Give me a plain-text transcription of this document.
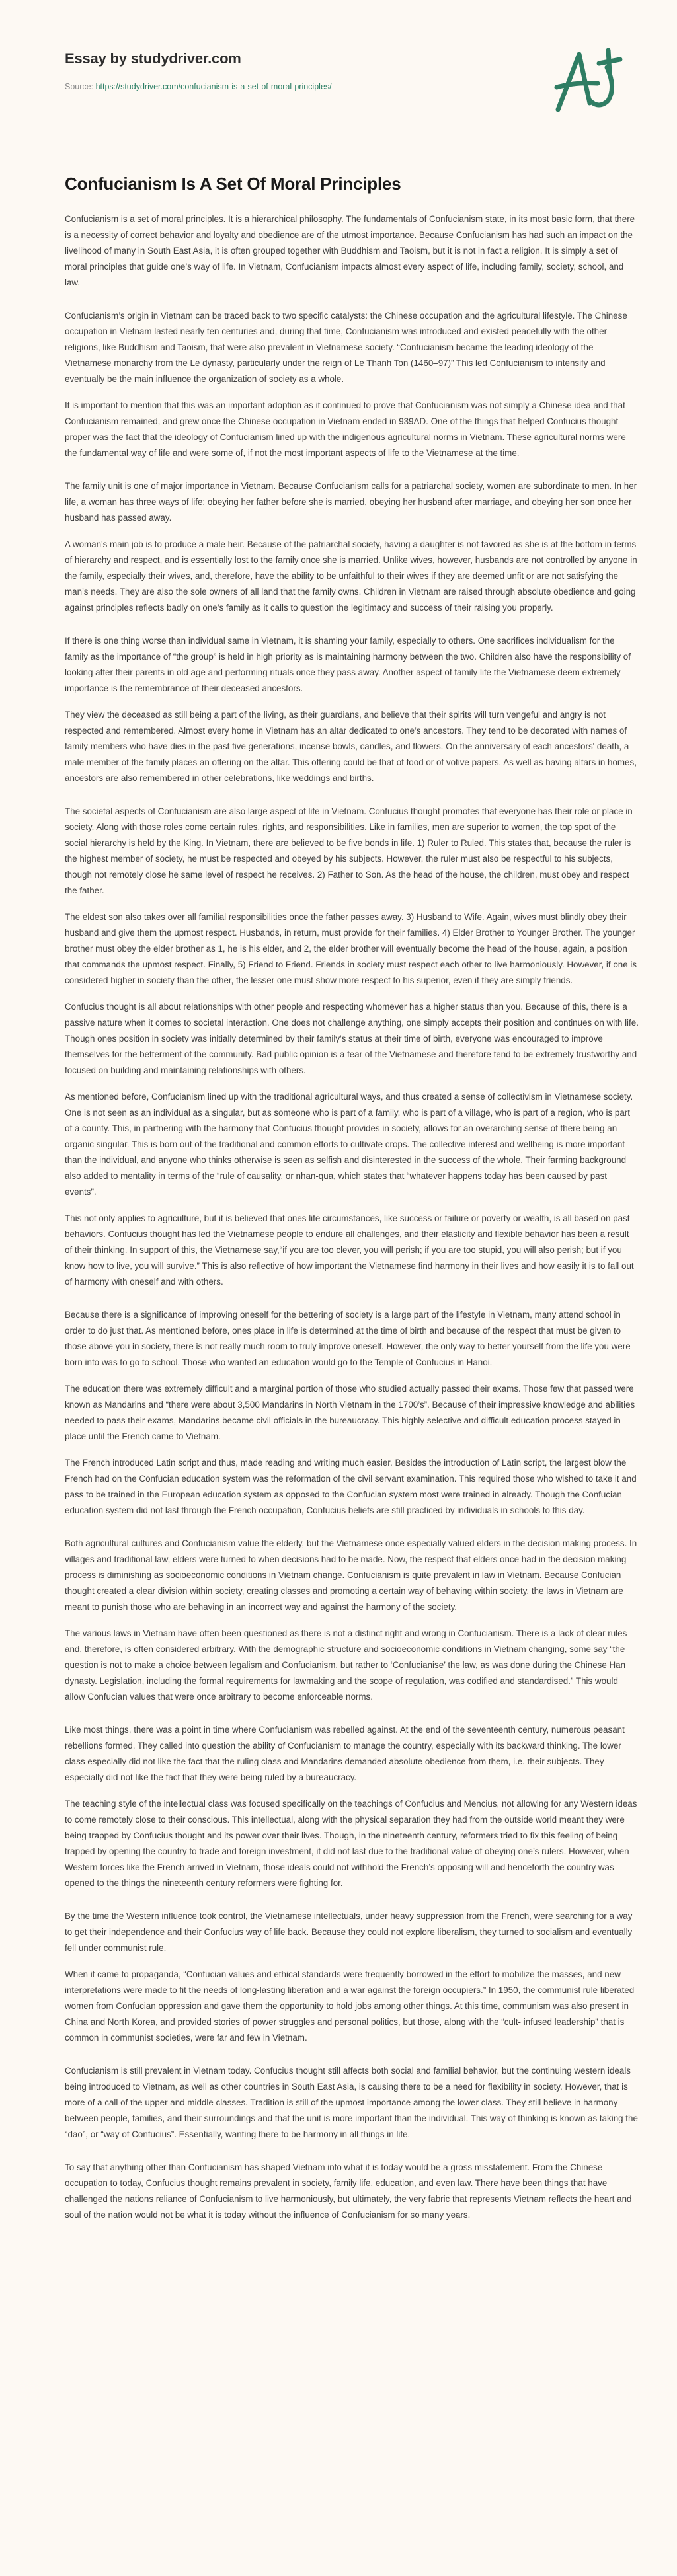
Essay by studydriver.com
Source: https://studydriver.com/confucianism-is-a-set-of-moral-principles/
Confucianism Is A Set Of Moral Principles

Confucianism is a set of moral principles. It is a hierarchical philosophy. The fundamentals of Confucianism state, in its most basic form, that there is a necessity of correct behavior and loyalty and obedience are of the utmost importance. Because Confucianism has had such an impact on the livelihood of many in South East Asia, it is often grouped together with Buddhism and Taoism, but it is not in fact a religion. It is simply a set of moral principles that guide one’s way of life. In Vietnam, Confucianism impacts almost every aspect of life, including family, society, school, and law.

Confucianism’s origin in Vietnam can be traced back to two specific catalysts: the Chinese occupation and the agricultural lifestyle. The Chinese occupation in Vietnam lasted nearly ten centuries and, during that time, Confucianism was introduced and existed peacefully with the other religions, like Buddhism and Taoism, that were also prevalent in Vietnamese society. “Confucianism became the leading ideology of the Vietnamese monarchy from the Le dynasty, particularly under the reign of Le Thanh Ton (1460–97)” This led Confucianism to intensify and eventually be the main influence the organization of society as a whole.

It is important to mention that this was an important adoption as it continued to prove that Confucianism was not simply a Chinese idea and that Confucianism remained, and grew once the Chinese occupation in Vietnam ended in 939AD. One of the things that helped Confucius thought proper was the fact that the ideology of Confucianism lined up with the indigenous agricultural norms in Vietnam. These agricultural norms were the fundamental way of life and were some of, if not the most important aspects of life to the Vietnamese at the time.

The family unit is one of major importance in Vietnam. Because Confucianism calls for a patriarchal society, women are subordinate to men. In her life, a woman has three ways of life: obeying her father before she is married, obeying her husband after marriage, and obeying her son once her husband has passed away.

A woman's main job is to produce a male heir. Because of the patriarchal society, having a daughter is not favored as she is at the bottom in terms of hierarchy and respect, and is essentially lost to the family once she is married. Unlike wives, however, husbands are not controlled by anyone in the family, especially their wives, and, therefore, have the ability to be unfaithful to their wives if they are deemed unfit or are not satisfying the man’s needs. They are also the sole owners of all land that the family owns. Children in Vietnam are raised through absolute obedience and going against principles reflects badly on one’s family as it calls to question the legitimacy and success of their raising you properly.

If there is one thing worse than individual same in Vietnam, it is shaming your family, especially to others. One sacrifices individualism for the family as the importance of “the group” is held in high priority as is maintaining harmony between the two. Children also have the responsibility of looking after their parents in old age and performing rituals once they pass away. Another aspect of family life the Vietnamese deem extremely importance is the remembrance of their deceased ancestors.

They view the deceased as still being a part of the living, as their guardians, and believe that their spirits will turn vengeful and angry is not respected and remembered. Almost every home in Vietnam has an altar dedicated to one’s ancestors. They tend to be decorated with names of family members who have dies in the past five generations, incense bowls, candles, and flowers. On the anniversary of each ancestors' death, a male member of the family places an offering on the altar. This offering could be that of food or of votive papers. As well as having altars in homes, ancestors are also remembered in other celebrations, like weddings and births.

The societal aspects of Confucianism are also large aspect of life in Vietnam. Confucius thought promotes that everyone has their role or place in society. Along with those roles come certain rules, rights, and responsibilities. Like in families, men are superior to women, the top spot of the social hierarchy is held by the King. In Vietnam, there are believed to be five bonds in life. 1) Ruler to Ruled. This states that, because the ruler is the highest member of society, he must be respected and obeyed by his subjects. However, the ruler must also be respectful to his subjects, though not remotely close he same level of respect he receives. 2) Father to Son. As the head of the house, the children, must obey and respect the father.

The eldest son also takes over all familial responsibilities once the father passes away. 3) Husband to Wife. Again, wives must blindly obey their husband and give them the upmost respect. Husbands, in return, must provide for their families. 4) Elder Brother to Younger Brother. The younger brother must obey the elder brother as 1, he is his elder, and 2, the elder brother will eventually become the head of the house, again, a position that commands the upmost respect. Finally, 5) Friend to Friend. Friends in society must respect each other to live harmoniously. However, if one is considered higher in society than the other, the lesser one must show more respect to his superior, even if they are simply friends.

Confucius thought is all about relationships with other people and respecting whomever has a higher status than you. Because of this, there is a passive nature when it comes to societal interaction. One does not challenge anything, one simply accepts their position and continues on with life. Though ones position in society was initially determined by their family's status at their time of birth, everyone was encouraged to improve themselves for the betterment of the community. Bad public opinion is a fear of the Vietnamese and therefore tend to be extremely trustworthy and focused on building and maintaining relationships with others.

As mentioned before, Confucianism lined up with the traditional agricultural ways, and thus created a sense of collectivism in Vietnamese society. One is not seen as an individual as a singular, but as someone who is part of a family, who is part of a village, who is part of a region, who is part of a county. This, in partnering with the harmony that Confucius thought provides in society, allows for an overarching sense of there being an organic singular. This is born out of the traditional and common efforts to cultivate crops. The collective interest and wellbeing is more important than the individual, and anyone who thinks otherwise is seen as selfish and disinterested in the success of the whole. Their farming background also added to mentality in terms of the “rule of causality, or nhan-qua, which states that “whatever happens today has been caused by past events”.

This not only applies to agriculture, but it is believed that ones life circumstances, like success or failure or poverty or wealth, is all based on past behaviors. Confucius thought has led the Vietnamese people to endure all challenges, and their elasticity and flexible behavior has been a result of their thinking. In support of this, the Vietnamese say,“if you are too clever, you will perish; if you are too stupid, you will also perish; but if you know how to live, you will survive.” This is also reflective of how important the Vietnamese find harmony in their lives and how easily it is to fall out of harmony with oneself and with others.

Because there is a significance of improving oneself for the bettering of society is a large part of the lifestyle in Vietnam, many attend school in order to do just that. As mentioned before, ones place in life is determined at the time of birth and because of the respect that must be given to those above you in society, there is not really much room to truly improve oneself. However, the only way to better yourself from the life you were born into was to go to school. Those who wanted an education would go to the Temple of Confucius in Hanoi.

The education there was extremely difficult and a marginal portion of those who studied actually passed their exams. Those few that passed were known as Mandarins and “there were about 3,500 Mandarins in North Vietnam in the 1700’s”. Because of their impressive knowledge and abilities needed to pass their exams, Mandarins became civil officials in the bureaucracy. This highly selective and difficult education process stayed in place until the French came to Vietnam.

The French introduced Latin script and thus, made reading and writing much easier. Besides the introduction of Latin script, the largest blow the French had on the Confucian education system was the reformation of the civil servant examination. This required those who wished to take it and pass to be trained in the European education system as opposed to the Confucian system most were trained in already. Though the Confucian education system did not last through the French occupation, Confucius beliefs are still practiced by individuals in schools to this day.

Both agricultural cultures and Confucianism value the elderly, but the Vietnamese once especially valued elders in the decision making process. In villages and traditional law, elders were turned to when decisions had to be made. Now, the respect that elders once had in the decision making process is diminishing as socioeconomic conditions in Vietnam change. Confucianism is quite prevalent in law in Vietnam. Because Confucian thought created a clear division within society, creating classes and promoting a certain way of behaving within society, the laws in Vietnam are meant to punish those who are behaving in an incorrect way and against the harmony of the society.

The various laws in Vietnam have often been questioned as there is not a distinct right and wrong in Confucianism. There is a lack of clear rules and, therefore, is often considered arbitrary. With the demographic structure and socioeconomic conditions in Vietnam changing, some say “the question is not to make a choice between legalism and Confucianism, but rather to ‘Confucianise’ the law, as was done during the Chinese Han dynasty. Legislation, including the formal requirements for lawmaking and the scope of regulation, was codified and standardised.” This would allow Confucian values that were once arbitrary to become enforceable norms.

Like most things, there was a point in time where Confucianism was rebelled against. At the end of the seventeenth century, numerous peasant rebellions formed. They called into question the ability of Confucianism to manage the country, especially with its backward thinking. The lower class especially did not like the fact that the ruling class and Mandarins demanded absolute obedience from them, i.e. their subjects. They especially did not like the fact that they were being ruled by a bureaucracy.

The teaching style of the intellectual class was focused specifically on the teachings of Confucius and Mencius, not allowing for any Western ideas to come remotely close to their conscious. This intellectual, along with the physical separation they had from the outside world meant they were being trapped by Confucius thought and its power over their lives. Though, in the nineteenth century, reformers tried to fix this feeling of being trapped by opening the country to trade and foreign investment, it did not last due to the traditional value of obeying one’s rulers. However, when Western forces like the French arrived in Vietnam, those ideals could not withhold the French’s opposing will and henceforth the country was opened to the things the nineteenth century reformers were fighting for.

By the time the Western influence took control, the Vietnamese intellectuals, under heavy suppression from the French, were searching for a way to get their independence and their Confucius way of life back. Because they could not explore liberalism, they turned to socialism and eventually fell under communist rule.

When it came to propaganda, “Confucian values and ethical standards were frequently borrowed in the effort to mobilize the masses, and new interpretations were made to fit the needs of long-lasting liberation and a war against the foreign occupiers.” In 1950, the communist rule liberated women from Confucian oppression and gave them the opportunity to hold jobs among other things. At this time, communism was also present in China and North Korea, and provided stories of power struggles and personal politics, but those, along with the “cult- infused leadership” that is common in communist societies, were far and few in Vietnam.

Confucianism is still prevalent in Vietnam today. Confucius thought still affects both social and familial behavior, but the continuing western ideals being introduced to Vietnam, as well as other countries in South East Asia, is causing there to be a need for flexibility in society. However, that is more of a call of the upper and middle classes. Tradition is still of the upmost importance among the lower class. They still believe in harmony between people, families, and their surroundings and that the unit is more important than the individual. This way of thinking is known as taking the “dao”, or “way of Confucius”. Essentially, wanting there to be harmony in all things in life.

To say that anything other than Confucianism has shaped Vietnam into what it is today would be a gross misstatement. From the Chinese occupation to today, Confucius thought remains prevalent in society, family life, education, and even law. There have been things that have challenged the nations reliance of Confucianism to live harmoniously, but ultimately, the very fabric that represents Vietnam reflects the heart and soul of the nation would not be what it is today without the influence of Confucianism for so many years.
